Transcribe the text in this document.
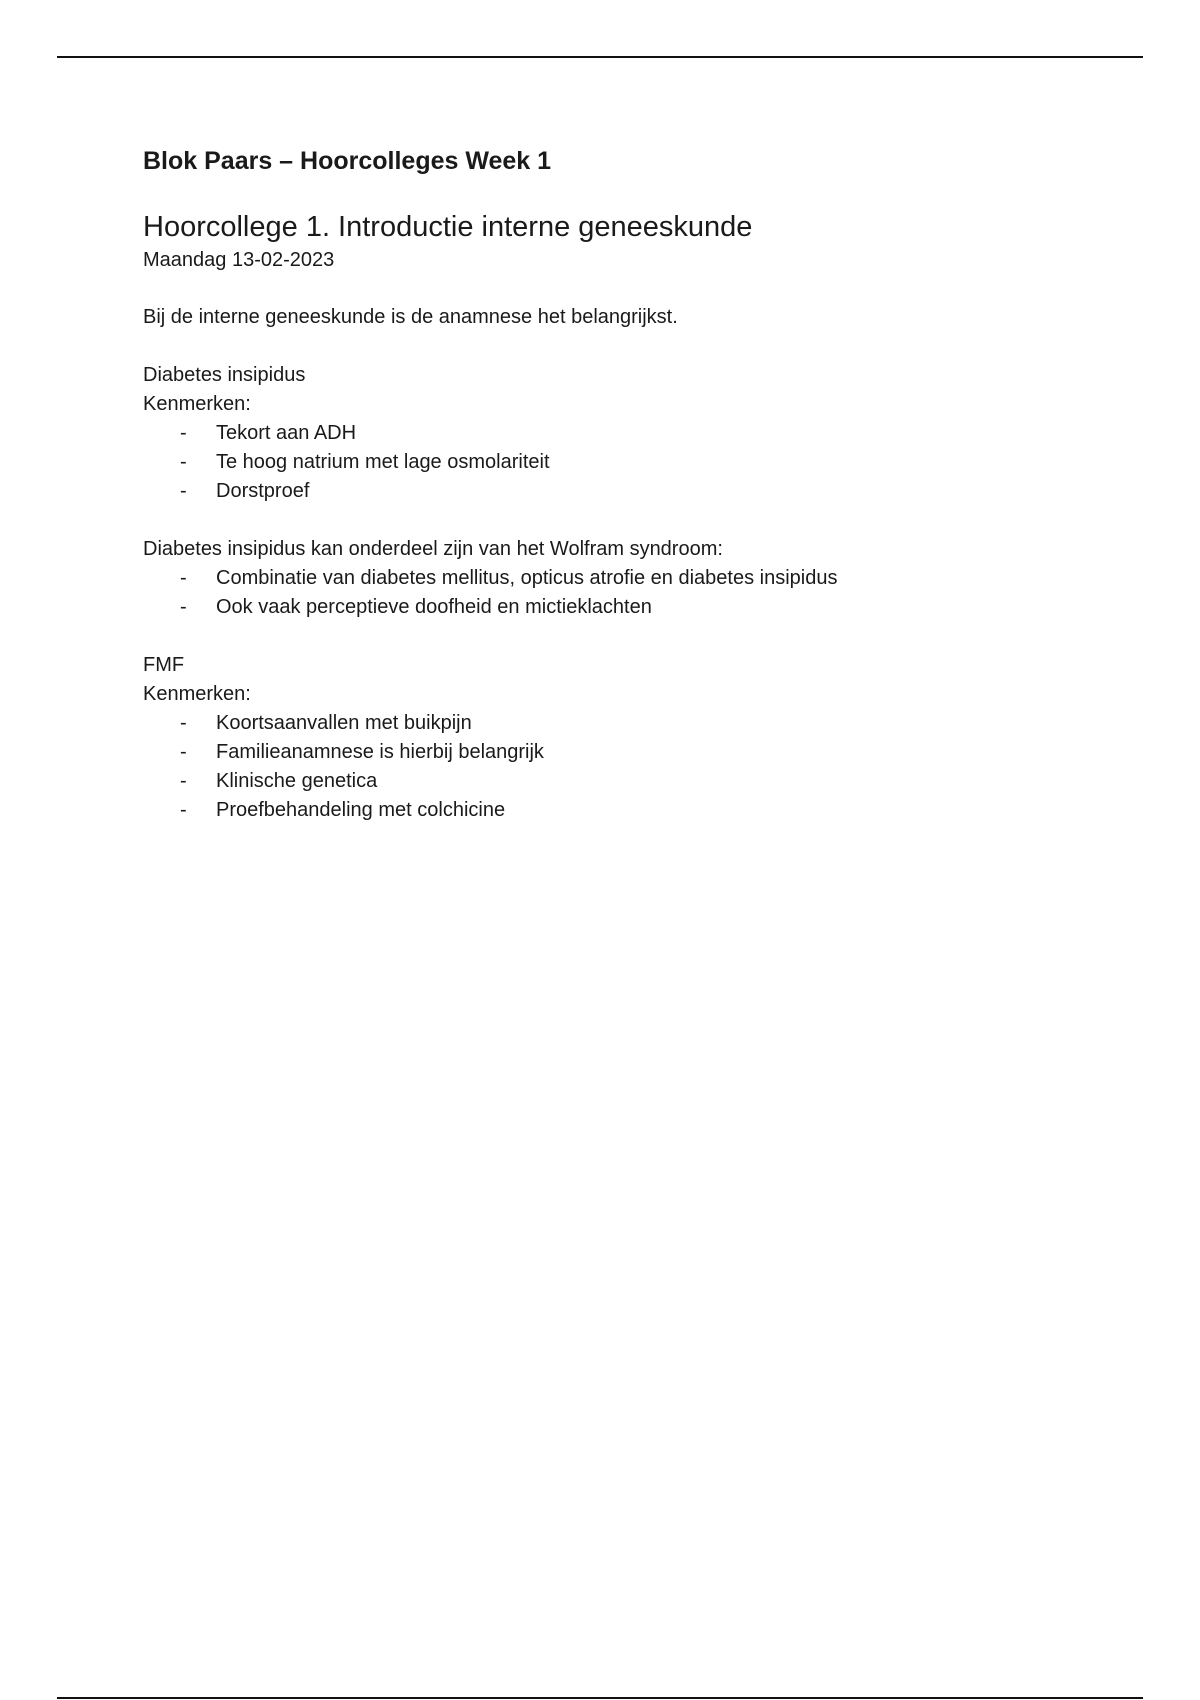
Blok Paars – Hoorcolleges Week 1

Hoorcollege 1. Introductie interne geneeskunde

Maandag 13-02-2023

Bij de interne geneeskunde is de anamnese het belangrijkst.

Diabetes insipidus

Kenmerken:

- Tekort aan ADH
- Te hoog natrium met lage osmolariteit
- Dorstproef

Diabetes insipidus kan onderdeel zijn van het Wolfram syndroom:

- Combinatie van diabetes mellitus, opticus atrofie en diabetes insipidus
- Ook vaak perceptieve doofheid en mictieklachten

FMF

Kenmerken:

- Koortsaanvallen met buikpijn
- Familieanamnese is hierbij belangrijk
- Klinische genetica
- Proefbehandeling met colchicine
